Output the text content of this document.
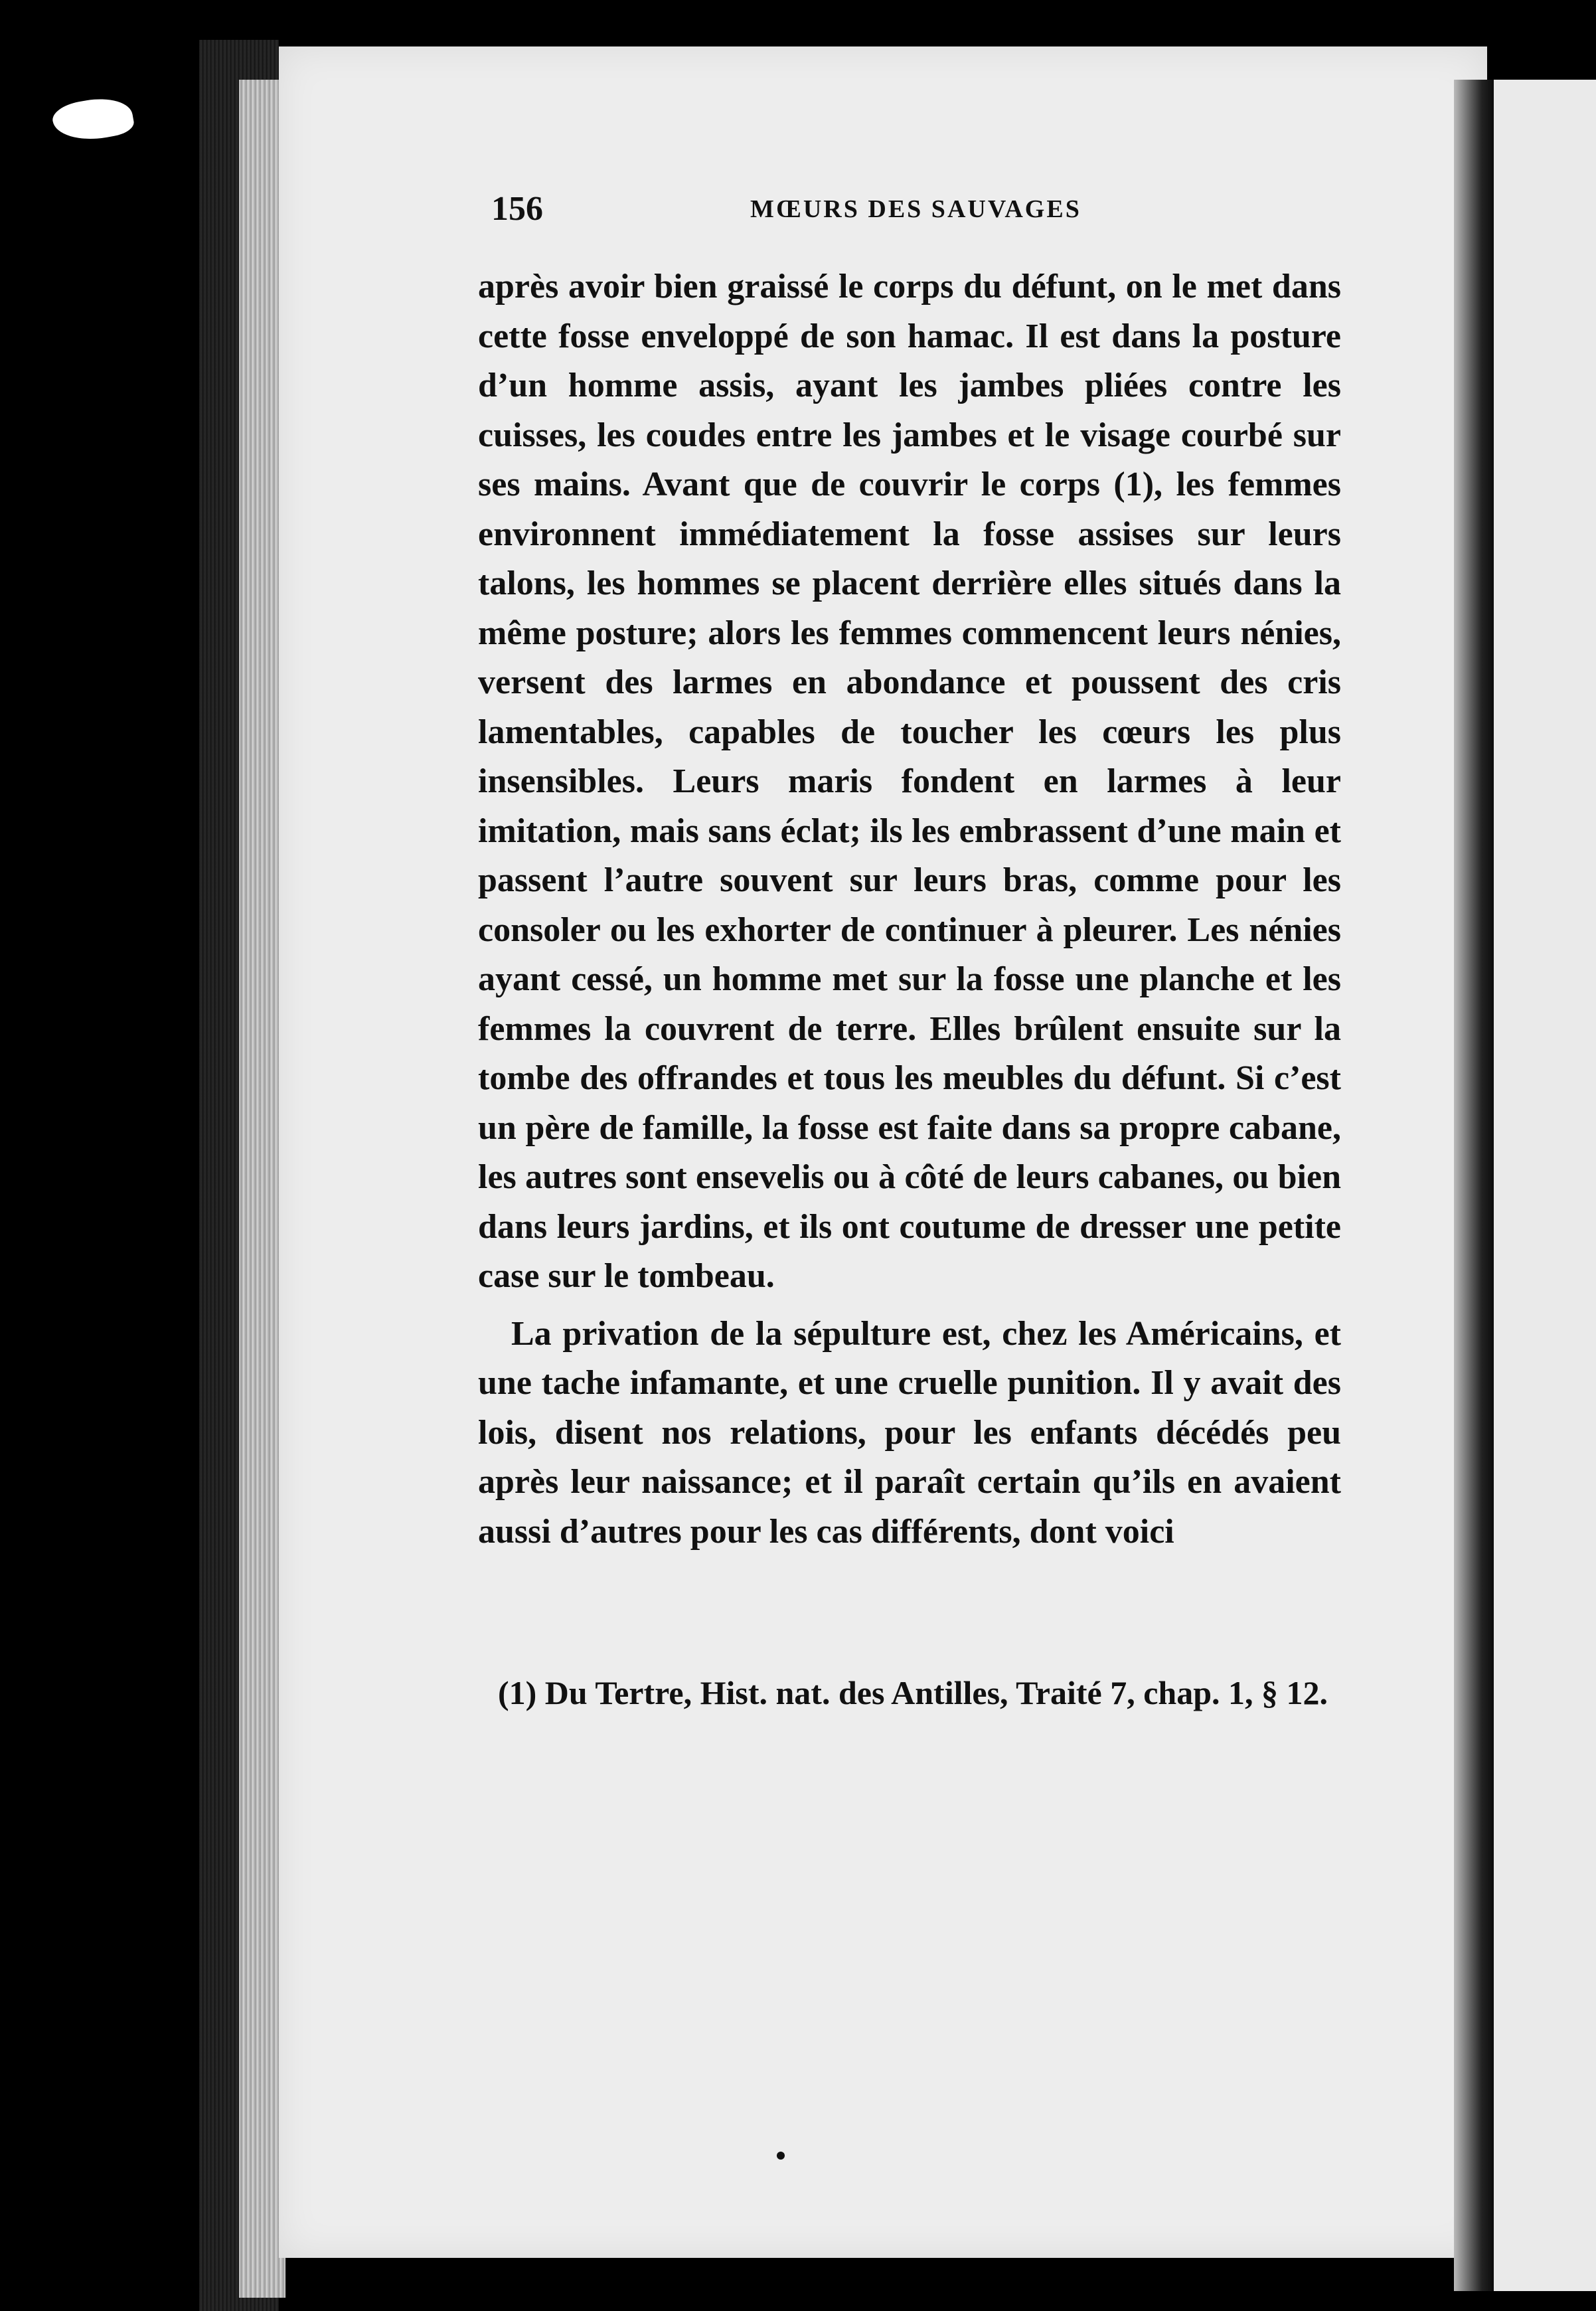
156	MŒURS DES SAUVAGES

après avoir bien graissé le corps du défunt, on le met dans cette fosse enveloppé de son hamac. Il est dans la posture d’un homme assis, ayant les jambes pliées contre les cuisses, les coudes entre les jambes et le visage courbé sur ses mains. Avant que de couvrir le corps (1), les femmes environnent immédiatement la fosse assises sur leurs talons, les hommes se placent derrière elles situés dans la même posture; alors les femmes commencent leurs nénies, versent des larmes en abondance et poussent des cris lamentables, capables de toucher les cœurs les plus insensibles. Leurs maris fondent en larmes à leur imitation, mais sans éclat; ils les embrassent d’une main et passent l’autre souvent sur leurs bras, comme pour les consoler ou les exhorter de continuer à pleurer. Les nénies ayant cessé, un homme met sur la fosse une planche et les femmes la couvrent de terre. Elles brûlent ensuite sur la tombe des offrandes et tous les meubles du défunt. Si c’est un père de famille, la fosse est faite dans sa propre cabane, les autres sont ensevelis ou à côté de leurs cabanes, ou bien dans leurs jardins, et ils ont coutume de dresser une petite case sur le tombeau.

La privation de la sépulture est, chez les Américains, et une tache infamante, et une cruelle punition. Il y avait des lois, disent nos relations, pour les enfants décédés peu après leur naissance; et il paraît certain qu’ils en avaient aussi d’autres pour les cas différents, dont voici

(1) Du Tertre, Hist. nat. des Antilles, Traité 7, chap. 1, § 12.
